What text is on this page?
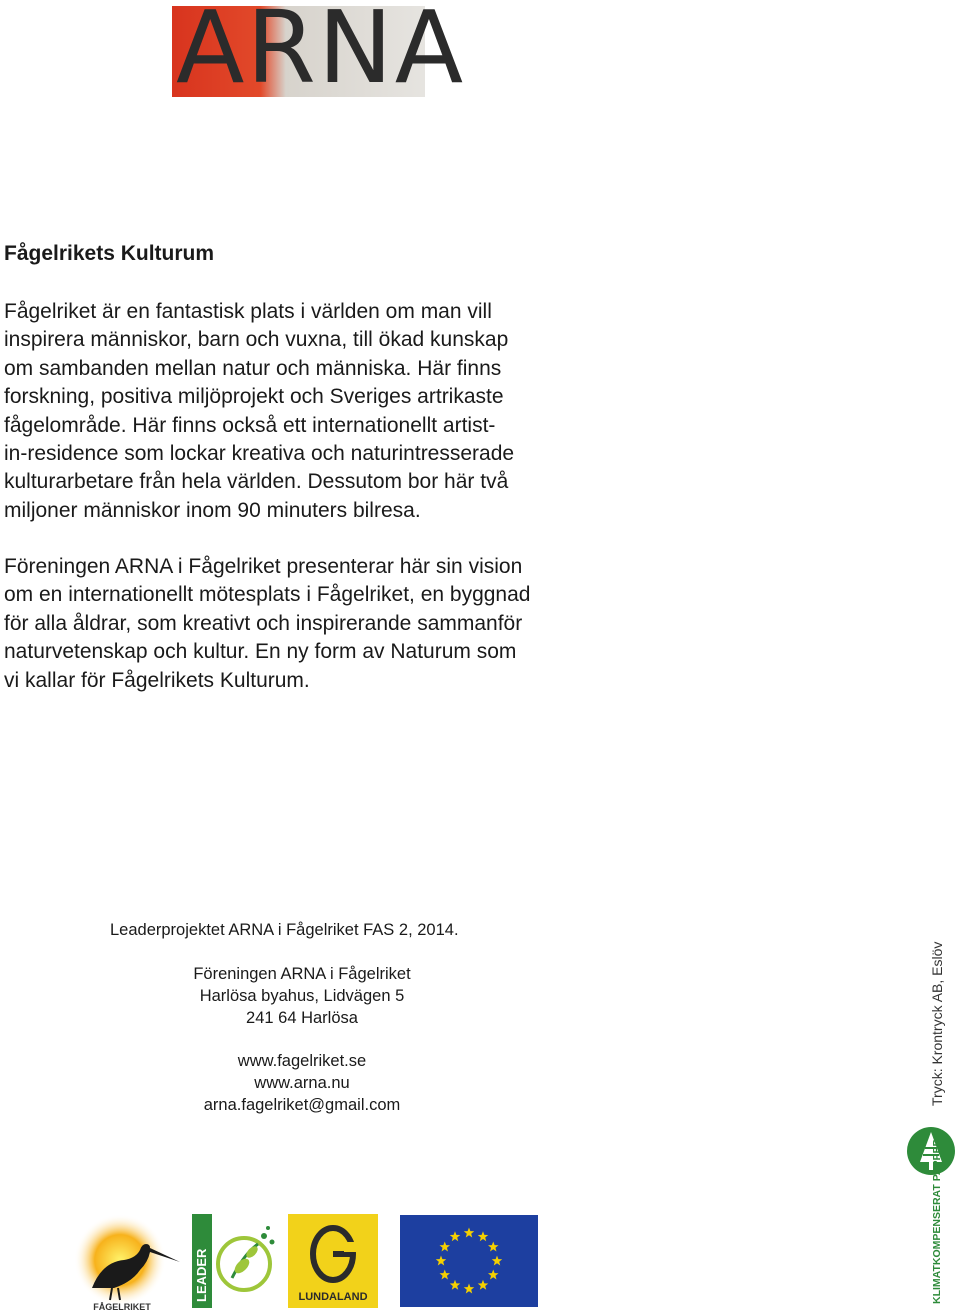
ARNA
Fågelrikets Kulturum
Fågelriket är en fantastisk plats i världen om man vill
inspirera människor, barn och vuxna, till ökad kunskap
om sambanden mellan natur och människa. Här finns
forskning, positiva miljöprojekt och Sveriges artrikaste
fågelområde. Här finns också ett internationellt artist-
in-residence som lockar kreativa och naturintresserade
kulturarbetare från hela världen. Dessutom bor här två
miljoner människor inom 90 minuters bilresa.
Föreningen ARNA i Fågelriket presenterar här sin vision
om en internationellt mötesplats i Fågelriket, en byggnad
för alla åldrar, som kreativt och inspirerande sammanför
naturvetenskap och kultur. En ny form av Naturum som
vi kallar för Fågelrikets Kulturum.

Leaderprojektet ARNA i Fågelriket FAS 2, 2014.

Föreningen ARNA i Fågelriket
Harlösa byahus, Lidvägen 5
241 64 Harlösa
www.fagelriket.se
www.arna.nu
arna.fagelriket@gmail.com	Tryck: Krontryck AB, Eslöv
KLIMATKOMPENSERAT PAPPER
FÅGELRIKET
LEADER	LUNDALAND
